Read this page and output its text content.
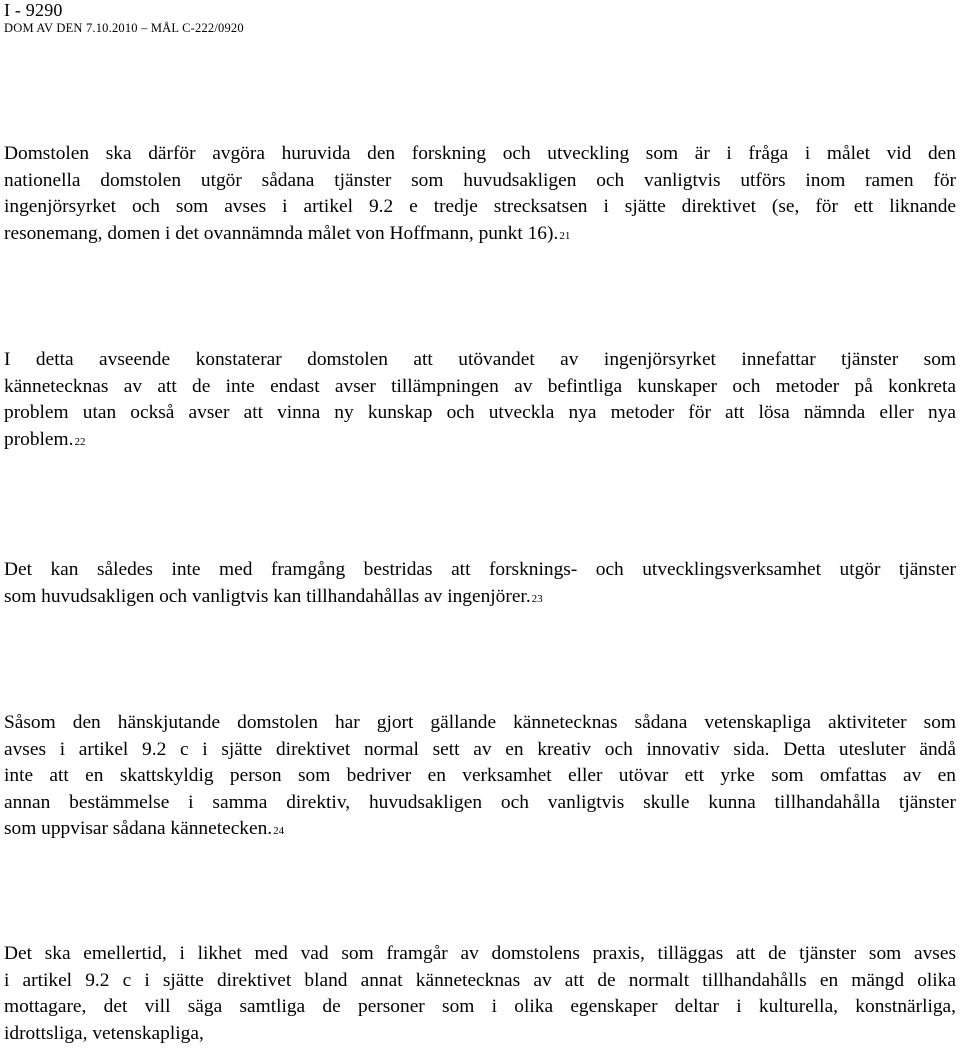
I - 9290
DOM AV DEN 7.10.2010 – MÅL C-222/0920

Domstolen ska därför avgöra huruvida den forskning och utveckling som är i fråga i målet vid den
nationella domstolen utgör sådana tjänster som huvudsakligen och vanligtvis utförs inom ramen för
ingenjörsyrket och som avses i artikel 9.2 e tredje strecksatsen i sjätte direktivet (se, för ett liknande
resonemang, domen i det ovannämnda målet von Hoffmann, punkt 16).21

I detta avseende konstaterar domstolen att utövandet av ingenjörsyrket innefattar tjänster som
kännetecknas av att de inte endast avser tillämpningen av befintliga kunskaper och metoder på konkreta
problem utan också avser att vinna ny kunskap och utveckla nya metoder för att lösa nämnda eller nya
problem.22

Det kan således inte med framgång bestridas att forsknings- och utvecklingsverksamhet utgör tjänster
som huvudsakligen och vanligtvis kan tillhandahållas av ingenjörer.23

Såsom den hänskjutande domstolen har gjort gällande kännetecknas sådana vetenskapliga aktiviteter som
avses i artikel 9.2 c i sjätte direktivet normal sett av en kreativ och innovativ sida. Detta utesluter ändå
inte att en skattskyldig person som bedriver en verksamhet eller utövar ett yrke som omfattas av en
annan bestämmelse i samma direktiv, huvudsakligen och vanligtvis skulle kunna tillhandahålla tjänster
som uppvisar sådana kännetecken.24

Det ska emellertid, i likhet med vad som framgår av domstolens praxis, tilläggas att de tjänster som avses
i artikel 9.2 c i sjätte direktivet bland annat kännetecknas av att de normalt tillhandahålls en mängd olika
mottagare, det vill säga samtliga de personer som i olika egenskaper deltar i kulturella, konstnärliga,
idrottsliga, vetenskapliga,
